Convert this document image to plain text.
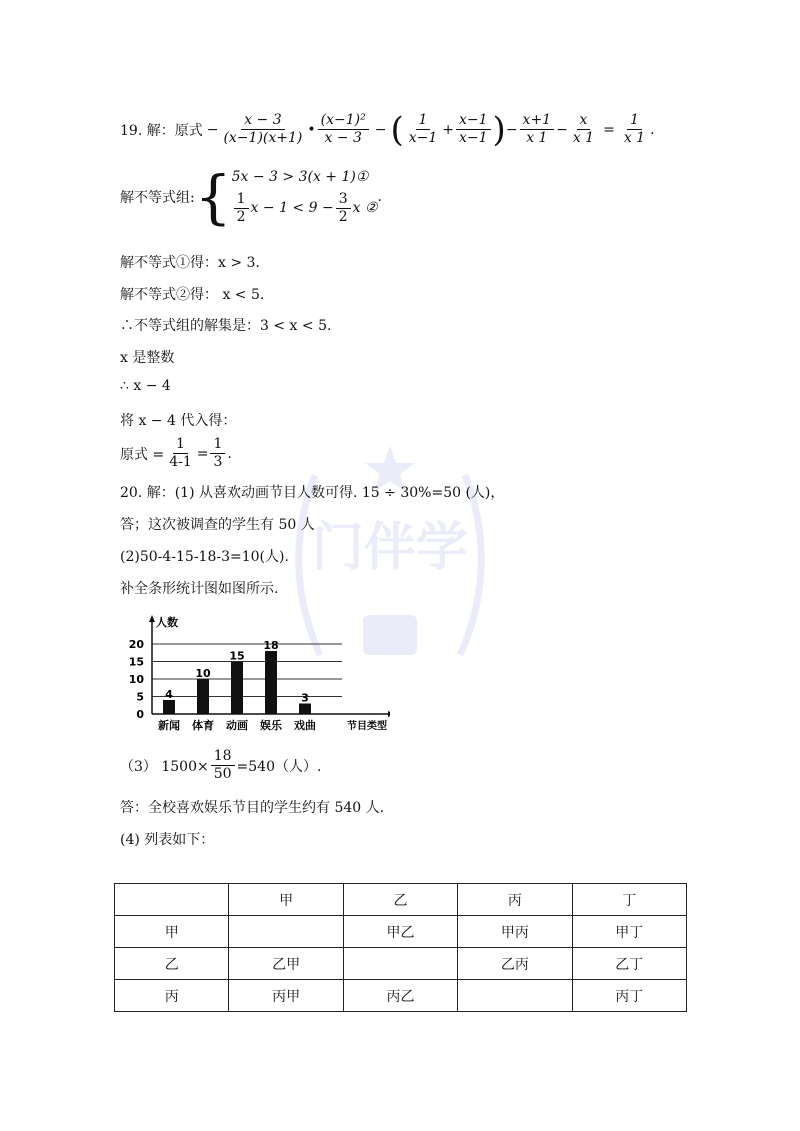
门伴学
19. 解：原式 − $\frac{x - 3}{(x-1)(x+1)}$ • $\frac{\text{(x−1)²}}{x - 3}$ − ( $\frac{1}{x-1} + \frac{x-1}{x-1}$ ) − $\frac{x+1}{x 1} - \frac{x}{x 1} = \frac{1}{x 1}$ .
解不等式组: { 5x − 3 > 3(x + 1)①
$\frac{1}{2}$ $x - 1 < 9 - \frac{3}{2}$ x ②
.
解不等式①得：x > 3.
解不等式②得： x < 5.
∴不等式组的解集是：3 < x < 5.
x 是整数
∴ x − 4
将 x − 4 代入得：
原式 = $\frac{1}{4-1} = \frac{1}{3}$ .
20. 解：(1) 从喜欢动画节目人数可得. 15 ÷ 30%=50 (人)，
答；这次被调查的学生有 50 人
(2)50-4-15-18-3=10(人).
补全条形统计图如图所示.
0
5
10
15
20
人数
节目类型
4
新闻
10
体育
15
动画
18
娱乐
3
戏曲
（3） $1500\times \frac{18}{50} =540$（人）.
答：全校喜欢娱乐节目的学生约有 540 人.
(4) 列表如下：
	甲	乙	丙	丁
甲		甲乙	甲丙	甲丁
乙	乙甲		乙丙	乙丁
丙	丙甲	丙乙		丙丁
